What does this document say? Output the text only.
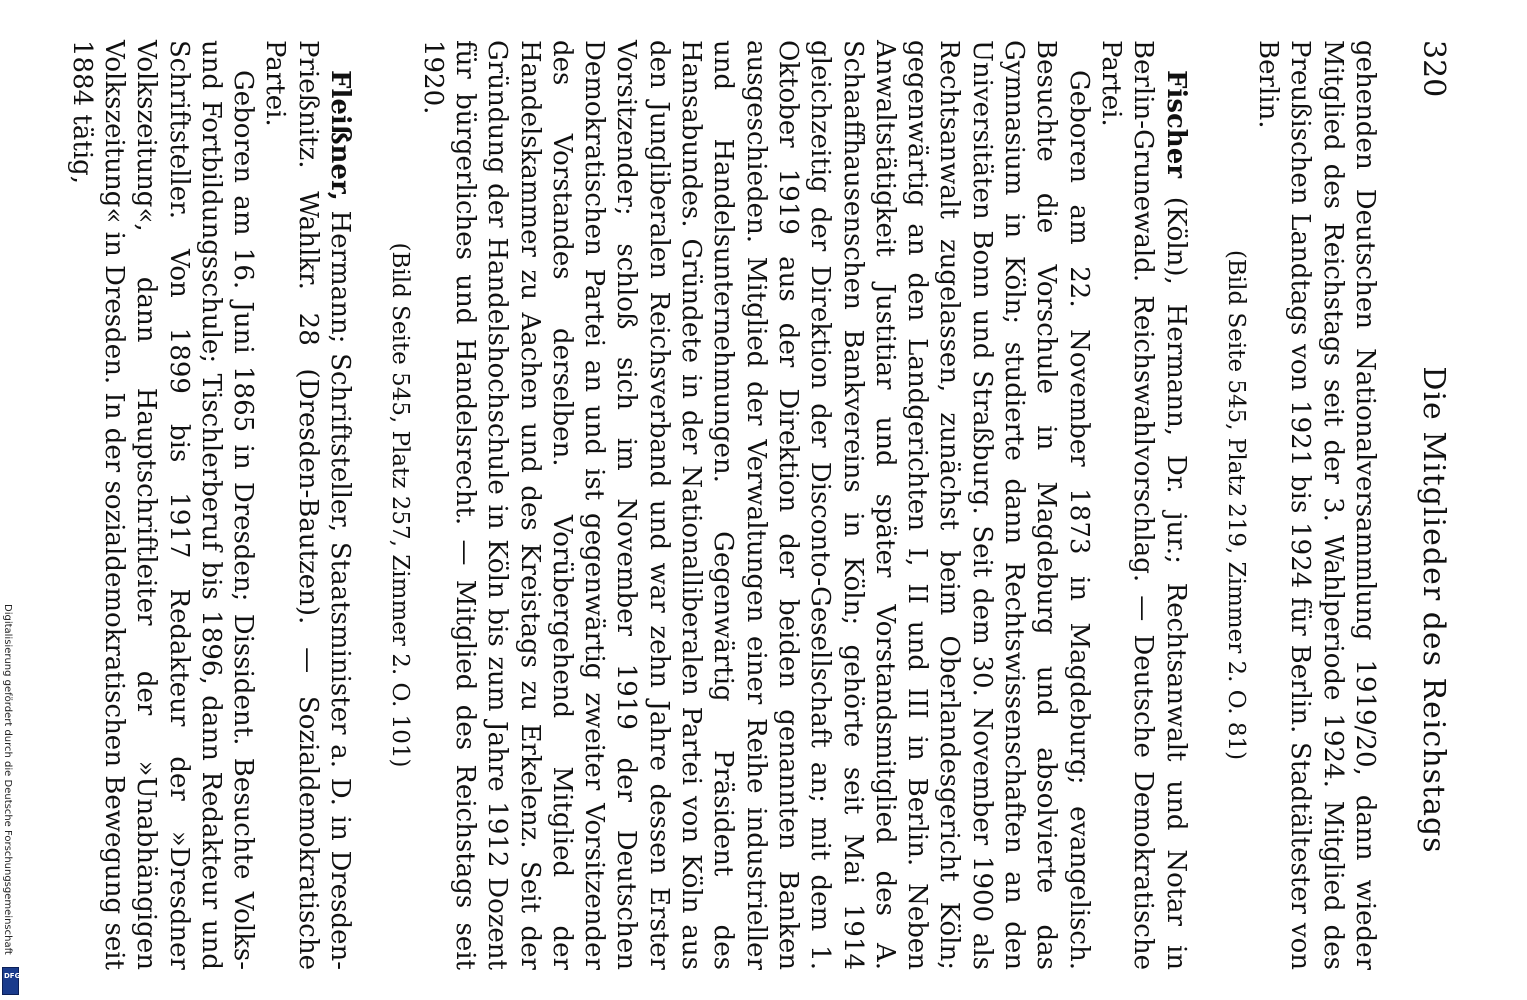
320
Die Mitglieder des Reichstags

gehenden Deutschen Nationalversammlung 1919/20, dann wieder Mitglied des Reichstags seit der 3. Wahlperiode 1924. Mitglied des Preußischen Landtags von 1921 bis 1924 für Berlin. Stadtältester von Berlin.

(Bild Seite 545, Platz 219, Zimmer 2. O. 81)

Fischer (Köln), Hermann, Dr. jur.; Rechtsanwalt und Notar in Berlin-Grunewald. Reichswahlvorschlag. — Deutsche Demokratische Partei.

Geboren am 22. November 1873 in Magdeburg; evangelisch. Besuchte die Vorschule in Magdeburg und absolvierte das Gymnasium in Köln; studierte dann Rechtswissenschaften an den Universitäten Bonn und Straßburg. Seit dem 30. November 1900 als Rechtsanwalt zugelassen, zunächst beim Oberlandesgericht Köln; gegenwärtig an den Landgerichten I, II und III in Berlin. Neben Anwaltstätigkeit Justitiar und später Vorstandsmitglied des A. Schaaffhausenschen Bankvereins in Köln; gehörte seit Mai 1914 gleichzeitig der Direktion der Disconto-Gesellschaft an; mit dem 1. Oktober 1919 aus der Direktion der beiden genannten Banken ausgeschieden. Mitglied der Verwaltungen einer Reihe industrieller und Handelsunternehmungen. Gegenwärtig Präsident des Hansabundes. Gründete in der Nationalliberalen Partei von Köln aus den Jungliberalen Reichsverband und war zehn Jahre dessen Erster Vorsitzender; schloß sich im November 1919 der Deutschen Demokratischen Partei an und ist gegenwärtig zweiter Vorsitzender des Vorstandes derselben. Vorübergehend Mitglied der Handelskammer zu Aachen und des Kreistags zu Erkelenz. Seit der Gründung der Handelshochschule in Köln bis zum Jahre 1912 Dozent für bürgerliches und Handelsrecht. — Mitglied des Reichstags seit 1920.

(Bild Seite 545, Platz 257, Zimmer 2. O. 101)

Fleißner, Hermann; Schriftsteller, Staatsminister a. D. in Dresden-Prießnitz. Wahlkr. 28 (Dresden-Bautzen). — Sozialdemokratische Partei.

Geboren am 16. Juni 1865 in Dresden; Dissident. Besuchte Volks- und Fortbildungsschule; Tischlerberuf bis 1896, dann Redakteur und Schriftsteller. Von 1899 bis 1917 Redakteur der »Dresdner Volkszeitung«, dann Hauptschriftleiter der »Unabhängigen Volkszeitung« in Dresden. In der sozialdemokratischen Bewegung seit 1884 tätig,

Digitalisierung gefördert durch die Deutsche Forschungsgemeinschaft
DFG
